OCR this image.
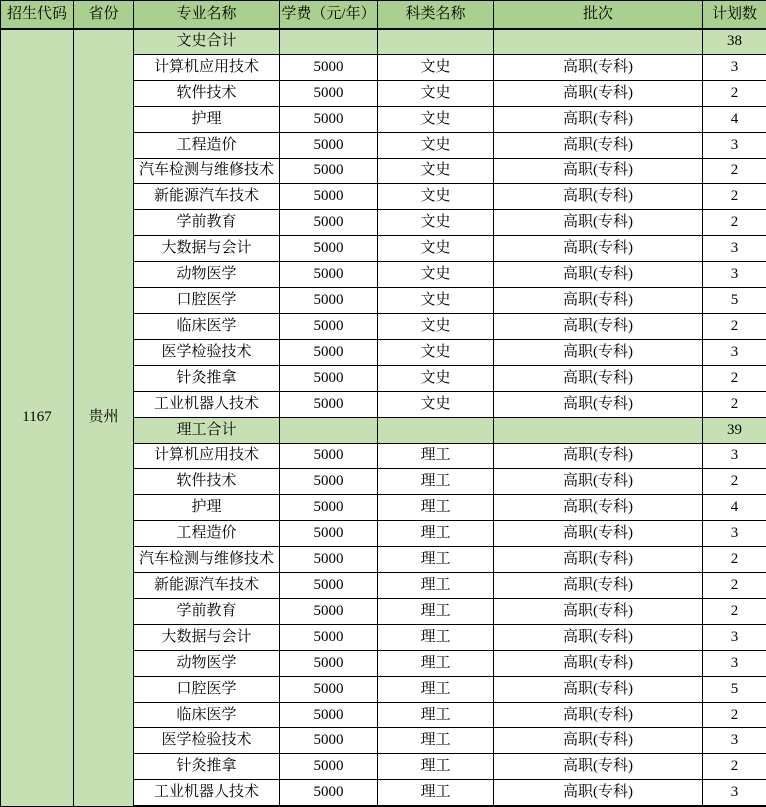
招生代码	省份	专业名称	学费（元/年）	科类名称	批次	计划数
1167	贵州	文史合计				38
		计算机应用技术	5000	文史	高职(专科)	3
		软件技术	5000	文史	高职(专科)	2
		护理	5000	文史	高职(专科)	4
		工程造价	5000	文史	高职(专科)	3
		汽车检测与维修技术	5000	文史	高职(专科)	2
		新能源汽车技术	5000	文史	高职(专科)	2
		学前教育	5000	文史	高职(专科)	2
		大数据与会计	5000	文史	高职(专科)	3
		动物医学	5000	文史	高职(专科)	3
		口腔医学	5000	文史	高职(专科)	5
		临床医学	5000	文史	高职(专科)	2
		医学检验技术	5000	文史	高职(专科)	3
		针灸推拿	5000	文史	高职(专科)	2
		工业机器人技术	5000	文史	高职(专科)	2
		理工合计				39
		计算机应用技术	5000	理工	高职(专科)	3
		软件技术	5000	理工	高职(专科)	2
		护理	5000	理工	高职(专科)	4
		工程造价	5000	理工	高职(专科)	3
		汽车检测与维修技术	5000	理工	高职(专科)	2
		新能源汽车技术	5000	理工	高职(专科)	2
		学前教育	5000	理工	高职(专科)	2
		大数据与会计	5000	理工	高职(专科)	3
		动物医学	5000	理工	高职(专科)	3
		口腔医学	5000	理工	高职(专科)	5
		临床医学	5000	理工	高职(专科)	2
		医学检验技术	5000	理工	高职(专科)	3
		针灸推拿	5000	理工	高职(专科)	2
		工业机器人技术	5000	理工	高职(专科)	3
